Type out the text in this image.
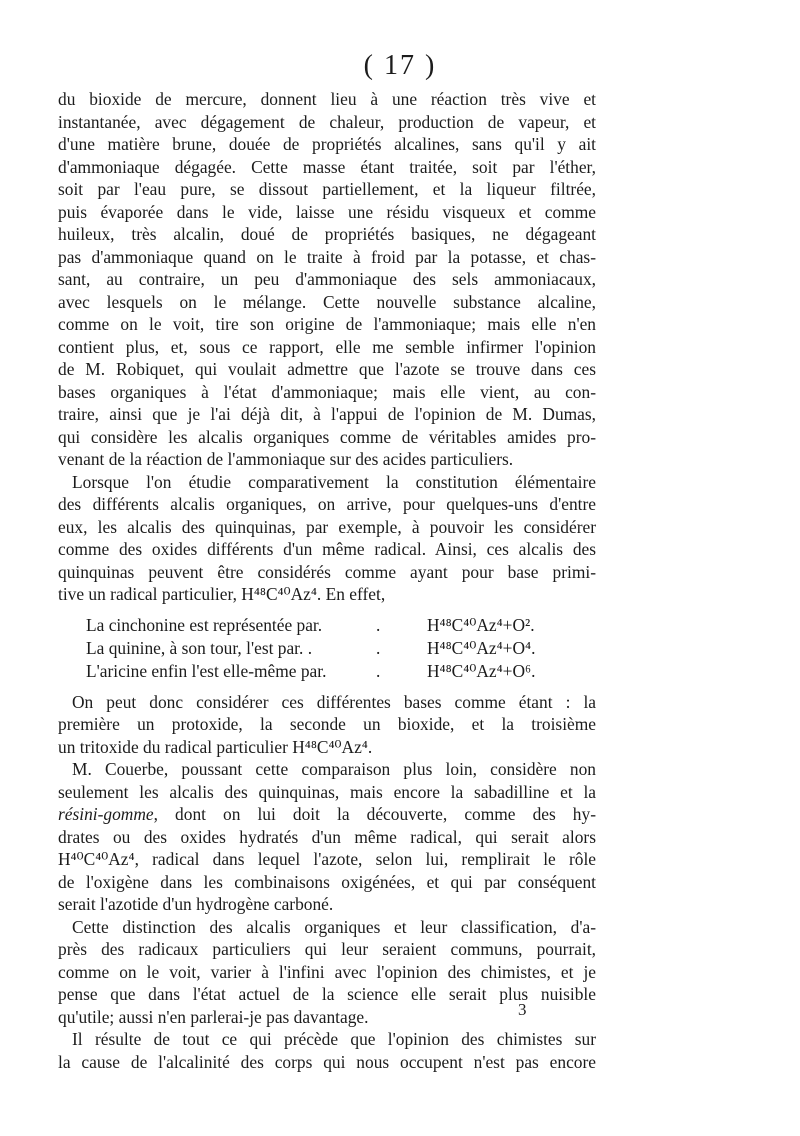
( 17 )
du bioxide de mercure, donnent lieu à une réaction très vive et
instantanée, avec dégagement de chaleur, production de vapeur, et
d'une matière brune, douée de propriétés alcalines, sans qu'il y ait
d'ammoniaque dégagée. Cette masse étant traitée, soit par l'éther,
soit par l'eau pure, se dissout partiellement, et la liqueur filtrée,
puis évaporée dans le vide, laisse une résidu visqueux et comme
huileux, très alcalin, doué de propriétés basiques, ne dégageant
pas d'ammoniaque quand on le traite à froid par la potasse, et chas-
sant, au contraire, un peu d'ammoniaque des sels ammoniacaux,
avec lesquels on le mélange. Cette nouvelle substance alcaline,
comme on le voit, tire son origine de l'ammoniaque; mais elle n'en
contient plus, et, sous ce rapport, elle me semble infirmer l'opinion
de M. Robiquet, qui voulait admettre que l'azote se trouve dans ces
bases organiques à l'état d'ammoniaque; mais elle vient, au con-
traire, ainsi que je l'ai déjà dit, à l'appui de l'opinion de M. Dumas,
qui considère les alcalis organiques comme de véritables amides pro-
venant de la réaction de l'ammoniaque sur des acides particuliers.
Lorsque l'on étudie comparativement la constitution élémentaire
des différents alcalis organiques, on arrive, pour quelques-uns d'entre
eux, les alcalis des quinquinas, par exemple, à pouvoir les considérer
comme des oxides différents d'un même radical. Ainsi, ces alcalis des
quinquinas peuvent être considérés comme ayant pour base primi-
tive un radical particulier, H⁴⁸C⁴⁰Az⁴. En effet,
La cinchonine est représentée par.	.	H⁴⁸C⁴⁰Az⁴+O².
La quinine, à son tour, l'est par. .	.	H⁴⁸C⁴⁰Az⁴+O⁴.
L'aricine enfin l'est elle-même par.	.	H⁴⁸C⁴⁰Az⁴+O⁶.
On peut donc considérer ces différentes bases comme étant : la
première un protoxide, la seconde un bioxide, et la troisième
un tritoxide du radical particulier H⁴⁸C⁴⁰Az⁴.
M. Couerbe, poussant cette comparaison plus loin, considère non
seulement les alcalis des quinquinas, mais encore la sabadilline et la
résini-gomme, dont on lui doit la découverte, comme des hy-
drates ou des oxides hydratés d'un même radical, qui serait alors
H⁴⁰C⁴⁰Az⁴, radical dans lequel l'azote, selon lui, remplirait le rôle
de l'oxigène dans les combinaisons oxigénées, et qui par conséquent
serait l'azotide d'un hydrogène carboné.
Cette distinction des alcalis organiques et leur classification, d'a-
près des radicaux particuliers qui leur seraient communs, pourrait,
comme on le voit, varier à l'infini avec l'opinion des chimistes, et je
pense que dans l'état actuel de la science elle serait plus nuisible
qu'utile; aussi n'en parlerai-je pas davantage.
Il résulte de tout ce qui précède que l'opinion des chimistes sur
la cause de l'alcalinité des corps qui nous occupent n'est pas encore
3
